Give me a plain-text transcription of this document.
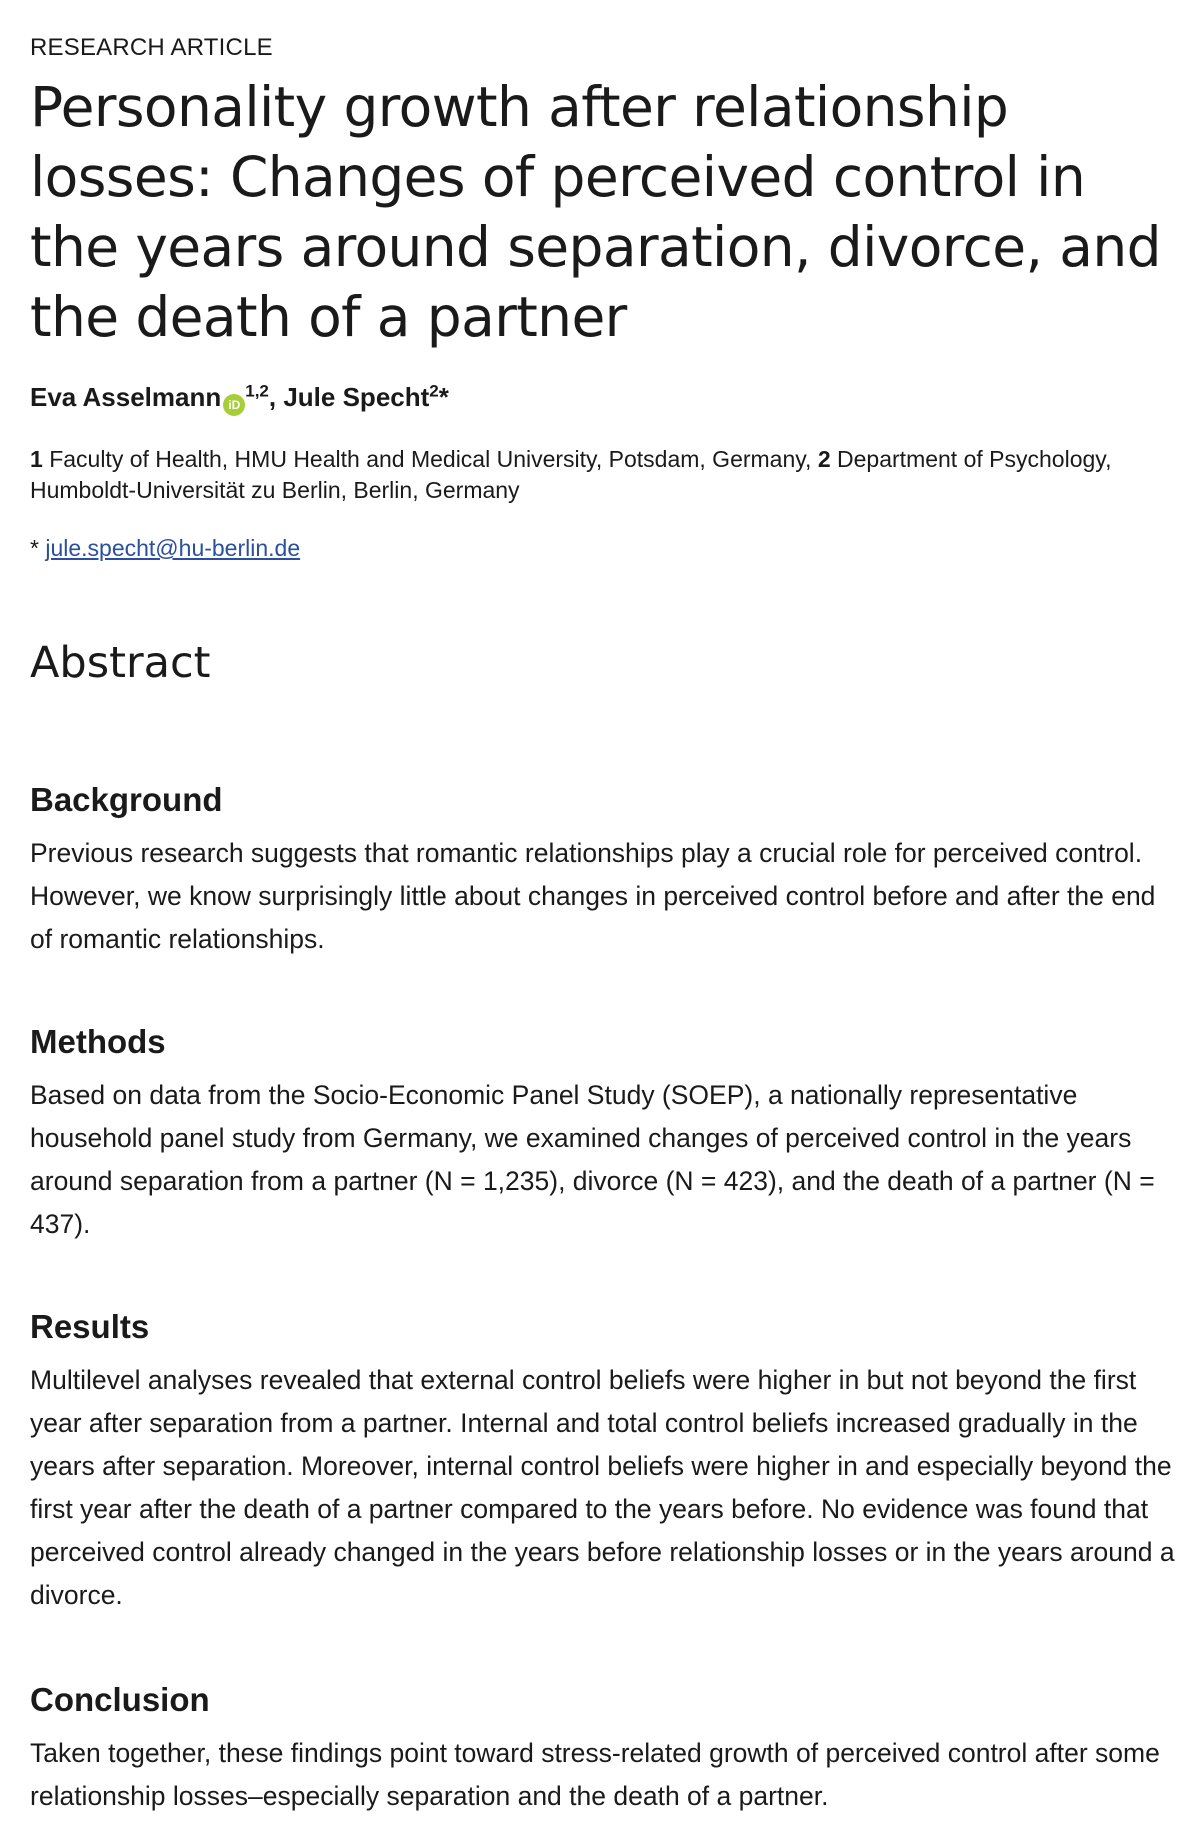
RESEARCH ARTICLE
Personality growth after relationship losses: Changes of perceived control in the years around separation, divorce, and the death of a partner
Eva Asselmann iD$^{1,2}$, Jule Specht$^2$*
1 Faculty of Health, HMU Health and Medical University, Potsdam, Germany, 2 Department of Psychology, Humboldt-Universität zu Berlin, Berlin, Germany
* jule.specht@hu-berlin.de
Abstract
Background

Previous research suggests that romantic relationships play a crucial role for perceived control. However, we know surprisingly little about changes in perceived control before and after the end of romantic relationships.

Methods

Based on data from the Socio-Economic Panel Study (SOEP), a nationally representative household panel study from Germany, we examined changes of perceived control in the years around separation from a partner (N = 1,235), divorce (N = 423), and the death of a partner (N = 437).

Results

Multilevel analyses revealed that external control beliefs were higher in but not beyond the first year after separation from a partner. Internal and total control beliefs increased gradually in the years after separation. Moreover, internal control beliefs were higher in and especially beyond the first year after the death of a partner compared to the years before. No evidence was found that perceived control already changed in the years before relationship losses or in the years around a divorce.

Conclusion

Taken together, these findings point toward stress-related growth of perceived control after some relationship losses–especially separation and the death of a partner.
